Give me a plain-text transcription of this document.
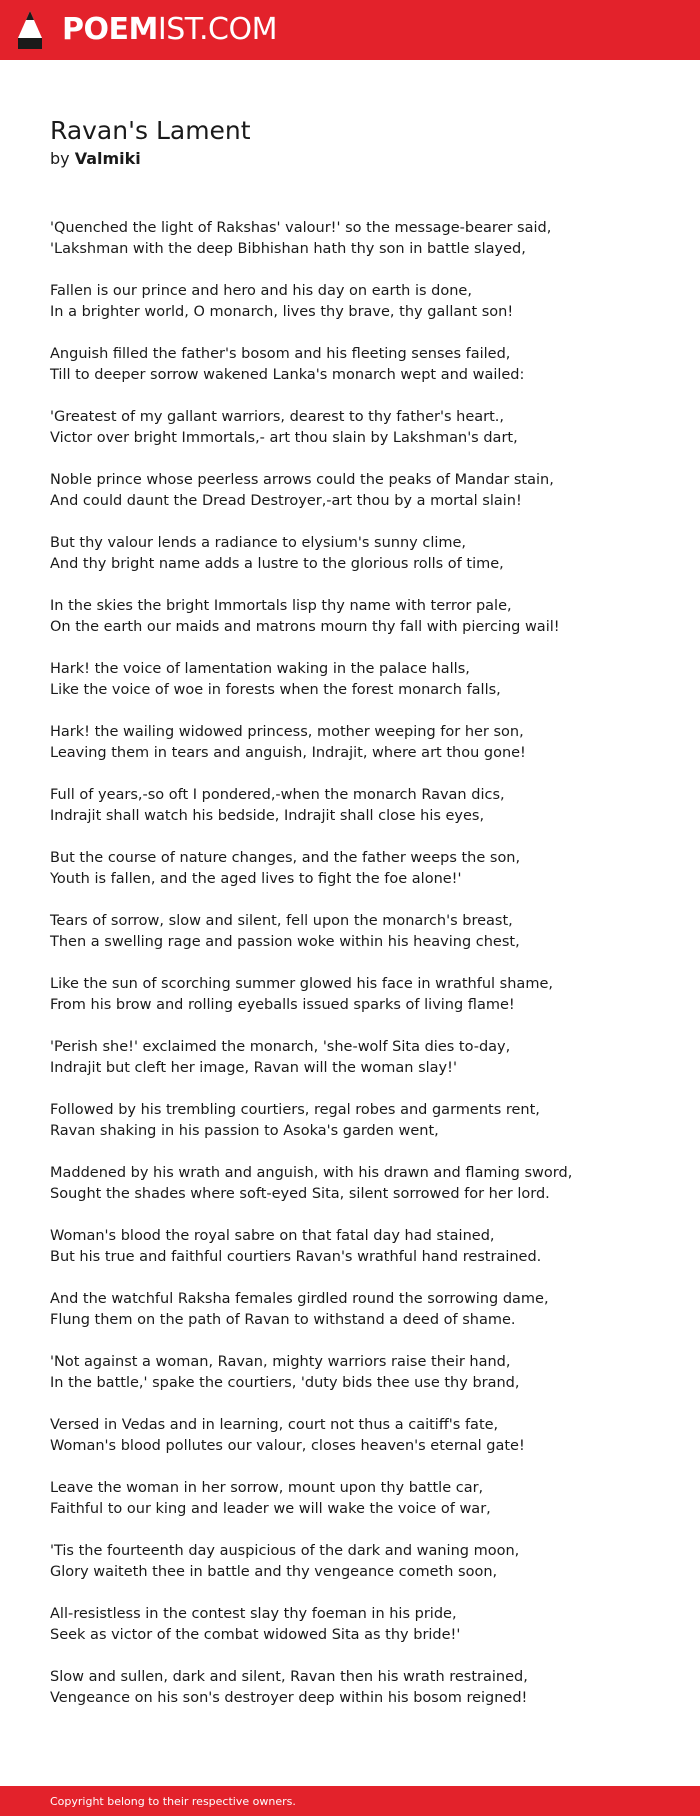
POEMIST.COM
Ravan's Lament
by Valmiki
'Quenched the light of Rakshas' valour!' so the message-bearer said,
'Lakshman with the deep Bibhishan hath thy son in battle slayed,
Fallen is our prince and hero and his day on earth is done,
In a brighter world, O monarch, lives thy brave, thy gallant son!
Anguish filled the father's bosom and his fleeting senses failed,
Till to deeper sorrow wakened Lanka's monarch wept and wailed:
'Greatest of my gallant warriors, dearest to thy father's heart.,
Victor over bright Immortals,- art thou slain by Lakshman's dart,
Noble prince whose peerless arrows could the peaks of Mandar stain,
And could daunt the Dread Destroyer,-art thou by a mortal slain!
But thy valour lends a radiance to elysium's sunny clime,
And thy bright name adds a lustre to the glorious rolls of time,
In the skies the bright Immortals lisp thy name with terror pale,
On the earth our maids and matrons mourn thy fall with piercing wail!
Hark! the voice of lamentation waking in the palace halls,
Like the voice of woe in forests when the forest monarch falls,
Hark! the wailing widowed princess, mother weeping for her son,
Leaving them in tears and anguish, Indrajit, where art thou gone!
Full of years,-so oft I pondered,-when the monarch Ravan dics,
Indrajit shall watch his bedside, Indrajit shall close his eyes,
But the course of nature changes, and the father weeps the son,
Youth is fallen, and the aged lives to fight the foe alone!'
Tears of sorrow, slow and silent, fell upon the monarch's breast,
Then a swelling rage and passion woke within his heaving chest,
Like the sun of scorching summer glowed his face in wrathful shame,
From his brow and rolling eyeballs issued sparks of living flame!
'Perish she!' exclaimed the monarch, 'she-wolf Sita dies to-day,
Indrajit but cleft her image, Ravan will the woman slay!'
Followed by his trembling courtiers, regal robes and garments rent,
Ravan shaking in his passion to Asoka's garden went,
Maddened by his wrath and anguish, with his drawn and flaming sword,
Sought the shades where soft-eyed Sita, silent sorrowed for her lord.
Woman's blood the royal sabre on that fatal day had stained,
But his true and faithful courtiers Ravan's wrathful hand restrained.
And the watchful Raksha females girdled round the sorrowing dame,
Flung them on the path of Ravan to withstand a deed of shame.
'Not against a woman, Ravan, mighty warriors raise their hand,
In the battle,' spake the courtiers, 'duty bids thee use thy brand,
Versed in Vedas and in learning, court not thus a caitiff's fate,
Woman's blood pollutes our valour, closes heaven's eternal gate!
Leave the woman in her sorrow, mount upon thy battle car,
Faithful to our king and leader we will wake the voice of war,
'Tis the fourteenth day auspicious of the dark and waning moon,
Glory waiteth thee in battle and thy vengeance cometh soon,
All-resistless in the contest slay thy foeman in his pride,
Seek as victor of the combat widowed Sita as thy bride!'
Slow and sullen, dark and silent, Ravan then his wrath restrained,
Vengeance on his son's destroyer deep within his bosom reigned!
Copyright belong to their respective owners.
